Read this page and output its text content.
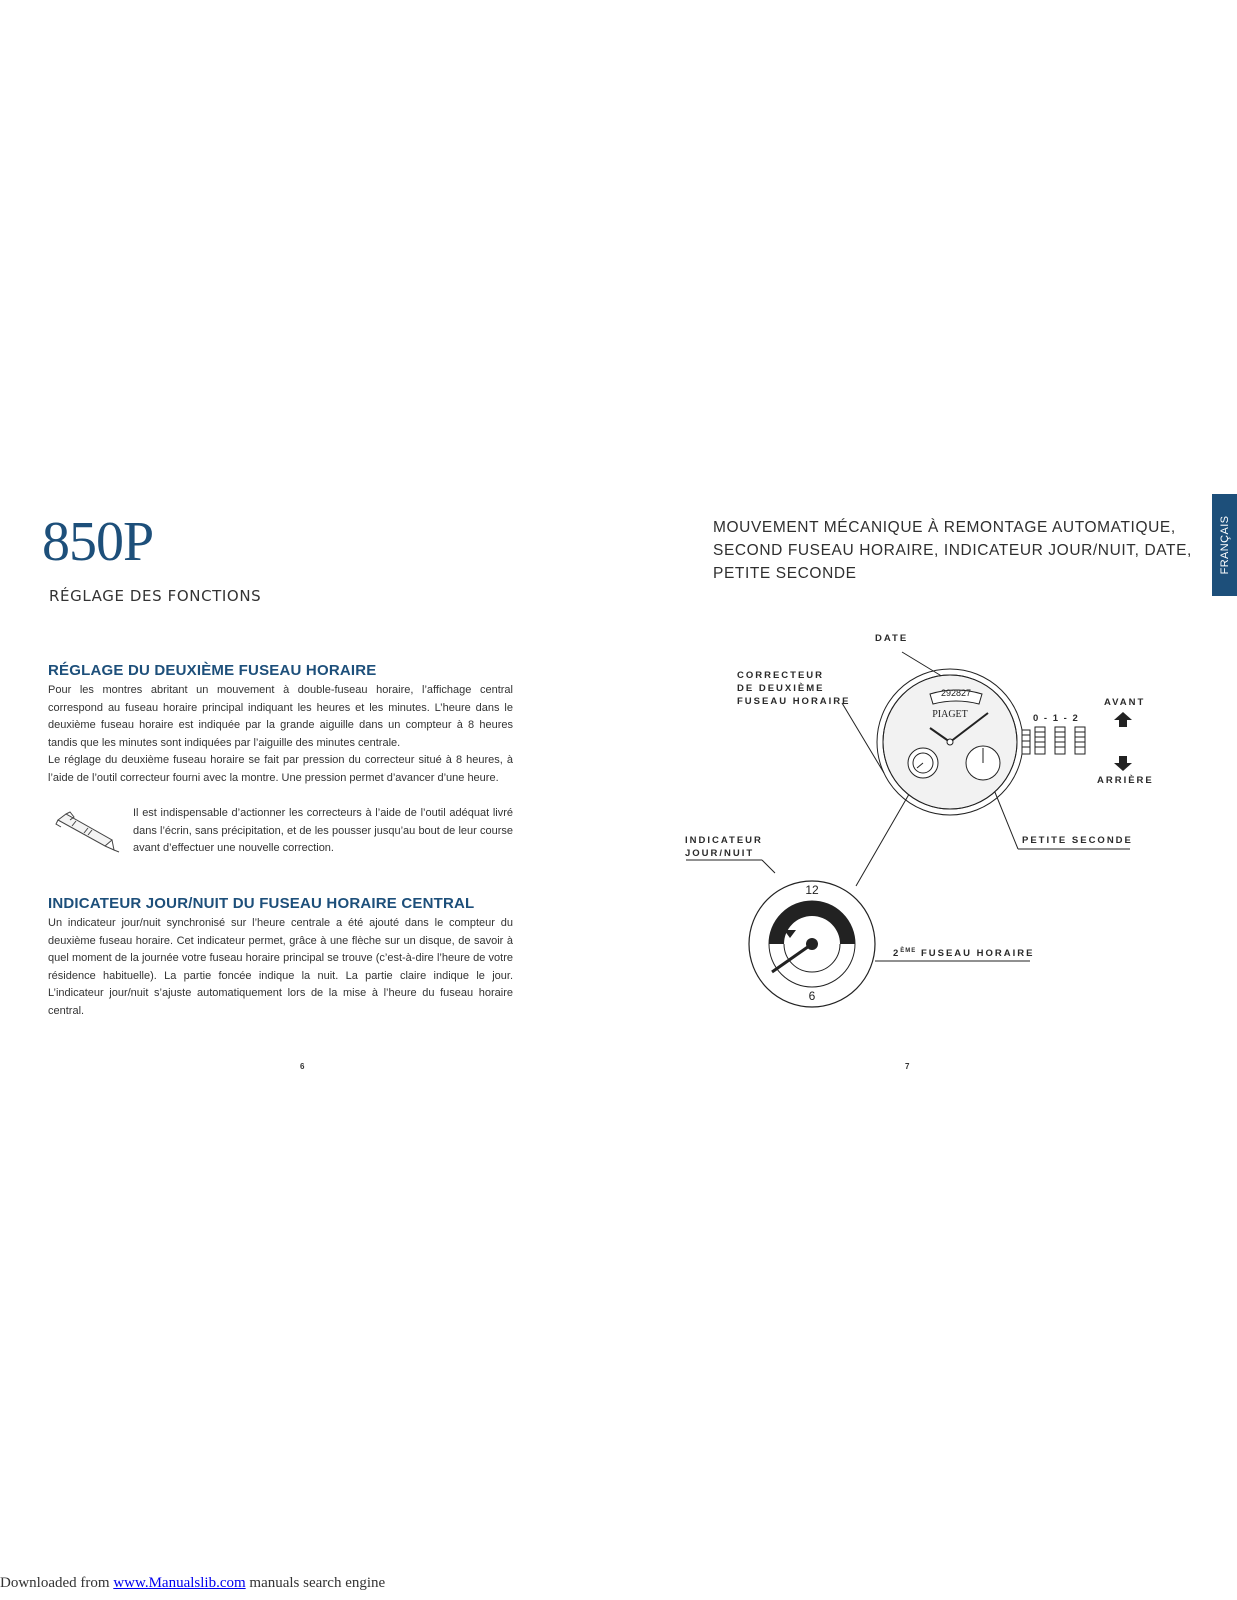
850P
RÉGLAGE DES FONCTIONS
RÉGLAGE DU DEUXIÈME FUSEAU HORAIRE

Pour les montres abritant un mouvement à double-fuseau horaire, l’affichage central correspond au fuseau horaire principal indiquant les heures et les minutes. L’heure dans le deuxième fuseau horaire est indiquée par la grande aiguille dans un compteur à 8 heures tandis que les minutes sont indiquées par l’aiguille des minutes centrale.

Le réglage du deuxième fuseau horaire se fait par pression du correcteur situé à 8 heures, à l’aide de l’outil correcteur fourni avec la montre. Une pression permet d’avancer d’une heure.

Il est indispensable d’actionner les correcteurs à l’aide de l’outil adéquat livré dans l’écrin, sans précipitation, et de les pousser jusqu’au bout de leur course avant d’effectuer une nouvelle correction.
INDICATEUR JOUR/NUIT DU FUSEAU HORAIRE CENTRAL
Un indicateur jour/nuit synchronisé sur l’heure centrale a été ajouté dans le compteur du deuxième fuseau horaire. Cet indicateur permet, grâce à une flèche sur un disque, de savoir à quel moment de la journée votre fuseau horaire principal se trouve (c’est-à-dire l’heure de votre résidence habituelle). La partie foncée indique la nuit. La partie claire indique le jour. L’indicateur jour/nuit s’ajuste automatiquement lors de la mise à l’heure du fuseau horaire central.
6
MOUVEMENT MÉCANIQUE À REMONTAGE AUTOMATIQUE,
SECOND FUSEAU HORAIRE, INDICATEUR JOUR/NUIT, DATE,
PETITE SECONDE	FRANÇAIS
292827
PIAGET
12
6
DATE
CORRECTEUR
DE DEUXIÈME
FUSEAU HORAIRE
0 - 1 - 2
AVANT
ARRIÈRE
INDICATEUR
JOUR/NUIT
PETITE SECONDE
2ÈME FUSEAU HORAIRE
7
Downloaded from www.Manualslib.com manuals search engine
